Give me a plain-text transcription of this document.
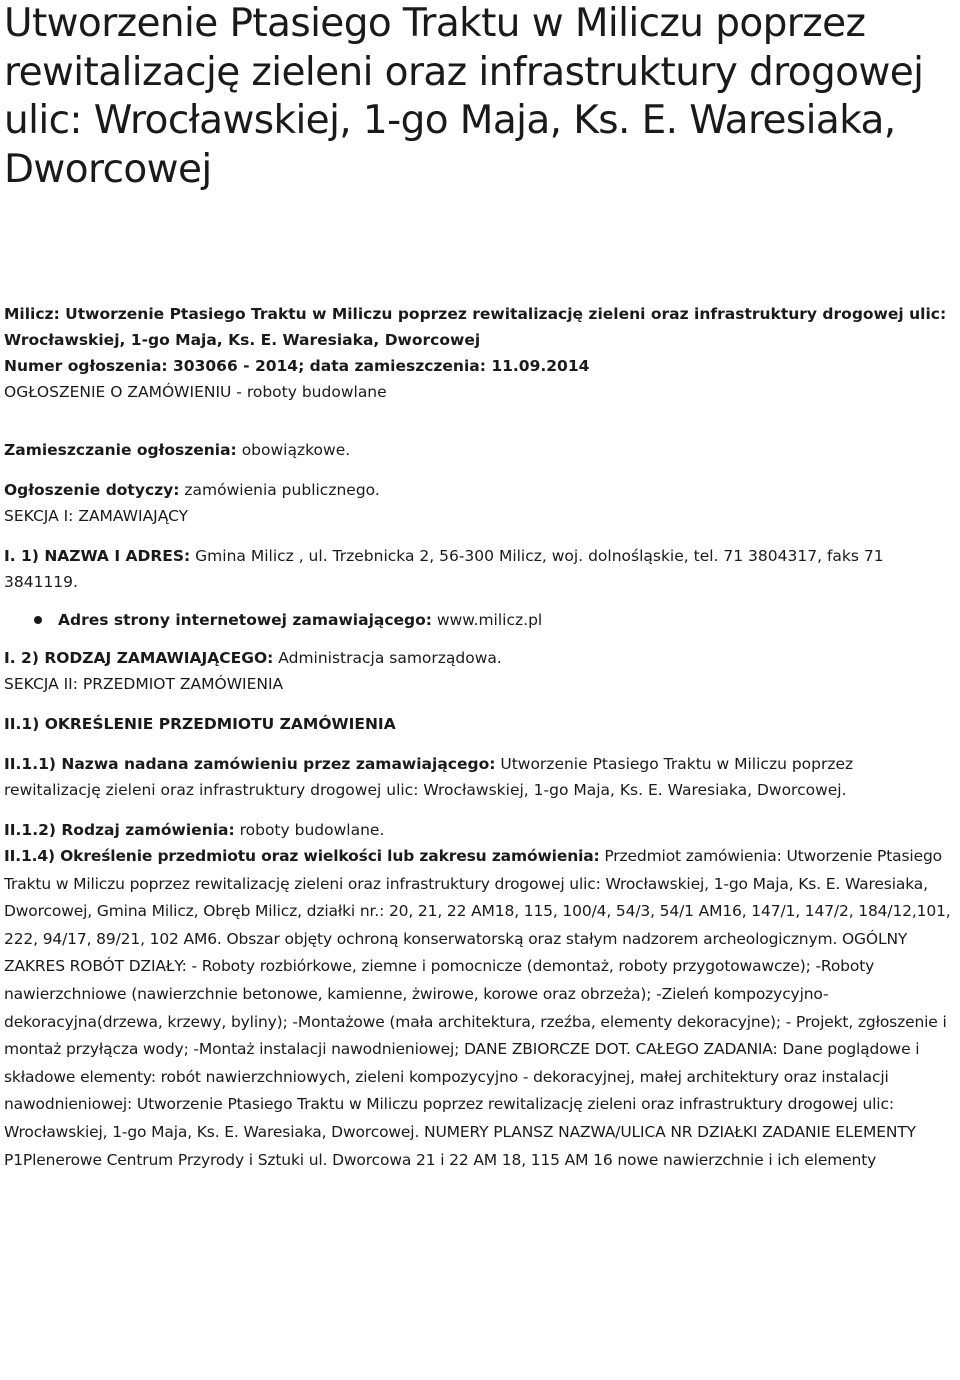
Utworzenie Ptasiego Traktu w Miliczu poprzez rewitalizację zieleni oraz infrastruktury drogowej ulic: Wrocławskiej, 1-go Maja, Ks. E. Waresiaka, Dworcowej
Milicz: Utworzenie Ptasiego Traktu w Miliczu poprzez rewitalizację zieleni oraz infrastruktury drogowej ulic: Wrocławskiej, 1-go Maja, Ks. E. Waresiaka, Dworcowej
Numer ogłoszenia: 303066 - 2014; data zamieszczenia: 11.09.2014

OGŁOSZENIE O ZAMÓWIENIU - roboty budowlane

Zamieszczanie ogłoszenia: obowiązkowe.

Ogłoszenie dotyczy: zamówienia publicznego.

SEKCJA I: ZAMAWIAJĄCY

I. 1) NAZWA I ADRES: Gmina Milicz , ul. Trzebnicka 2, 56-300 Milicz, woj. dolnośląskie, tel. 71 3804317, faks 71 3841119.

Adres strony internetowej zamawiającego: www.milicz.pl

I. 2) RODZAJ ZAMAWIAJĄCEGO: Administracja samorządowa.

SEKCJA II: PRZEDMIOT ZAMÓWIENIA

II.1) OKREŚLENIE PRZEDMIOTU ZAMÓWIENIA

II.1.1) Nazwa nadana zamówieniu przez zamawiającego: Utworzenie Ptasiego Traktu w Miliczu poprzez rewitalizację zieleni oraz infrastruktury drogowej ulic: Wrocławskiej, 1-go Maja, Ks. E. Waresiaka, Dworcowej.

II.1.2) Rodzaj zamówienia: roboty budowlane.

II.1.4) Określenie przedmiotu oraz wielkości lub zakresu zamówienia: Przedmiot zamówienia: Utworzenie Ptasiego Traktu w Miliczu poprzez rewitalizację zieleni oraz infrastruktury drogowej ulic: Wrocławskiej, 1-go Maja, Ks. E. Waresiaka, Dworcowej, Gmina Milicz, Obręb Milicz, działki nr.: 20, 21, 22 AM18, 115, 100/4, 54/3, 54/1 AM16, 147/1, 147/2, 184/12,101, 222, 94/17, 89/21, 102 AM6. Obszar objęty ochroną konserwatorską oraz stałym nadzorem archeologicznym. OGÓLNY ZAKRES ROBÓT DZIAŁY: - Roboty rozbiórkowe, ziemne i pomocnicze (demontaż, roboty przygotowawcze); -Roboty nawierzchniowe (nawierzchnie betonowe, kamienne, żwirowe, korowe oraz obrzeża); -Zieleń kompozycyjno-dekoracyjna(drzewa, krzewy, byliny); -Montażowe (mała architektura, rzeźba, elementy dekoracyjne); - Projekt, zgłoszenie i montaż przyłącza wody; -Montaż instalacji nawodnieniowej; DANE ZBIORCZE DOT. CAŁEGO ZADANIA: Dane poglądowe i składowe elementy: robót nawierzchniowych, zieleni kompozycyjno - dekoracyjnej, małej architektury oraz instalacji nawodnieniowej: Utworzenie Ptasiego Traktu w Miliczu poprzez rewitalizację zieleni oraz infrastruktury drogowej ulic: Wrocławskiej, 1-go Maja, Ks. E. Waresiaka, Dworcowej. NUMERY PLANSZ NAZWA/ULICA NR DZIAŁKI ZADANIE ELEMENTY P1Plenerowe Centrum Przyrody i Sztuki ul. Dworcowa 21 i 22 AM 18, 115 AM 16 nowe nawierzchnie i ich elementy
